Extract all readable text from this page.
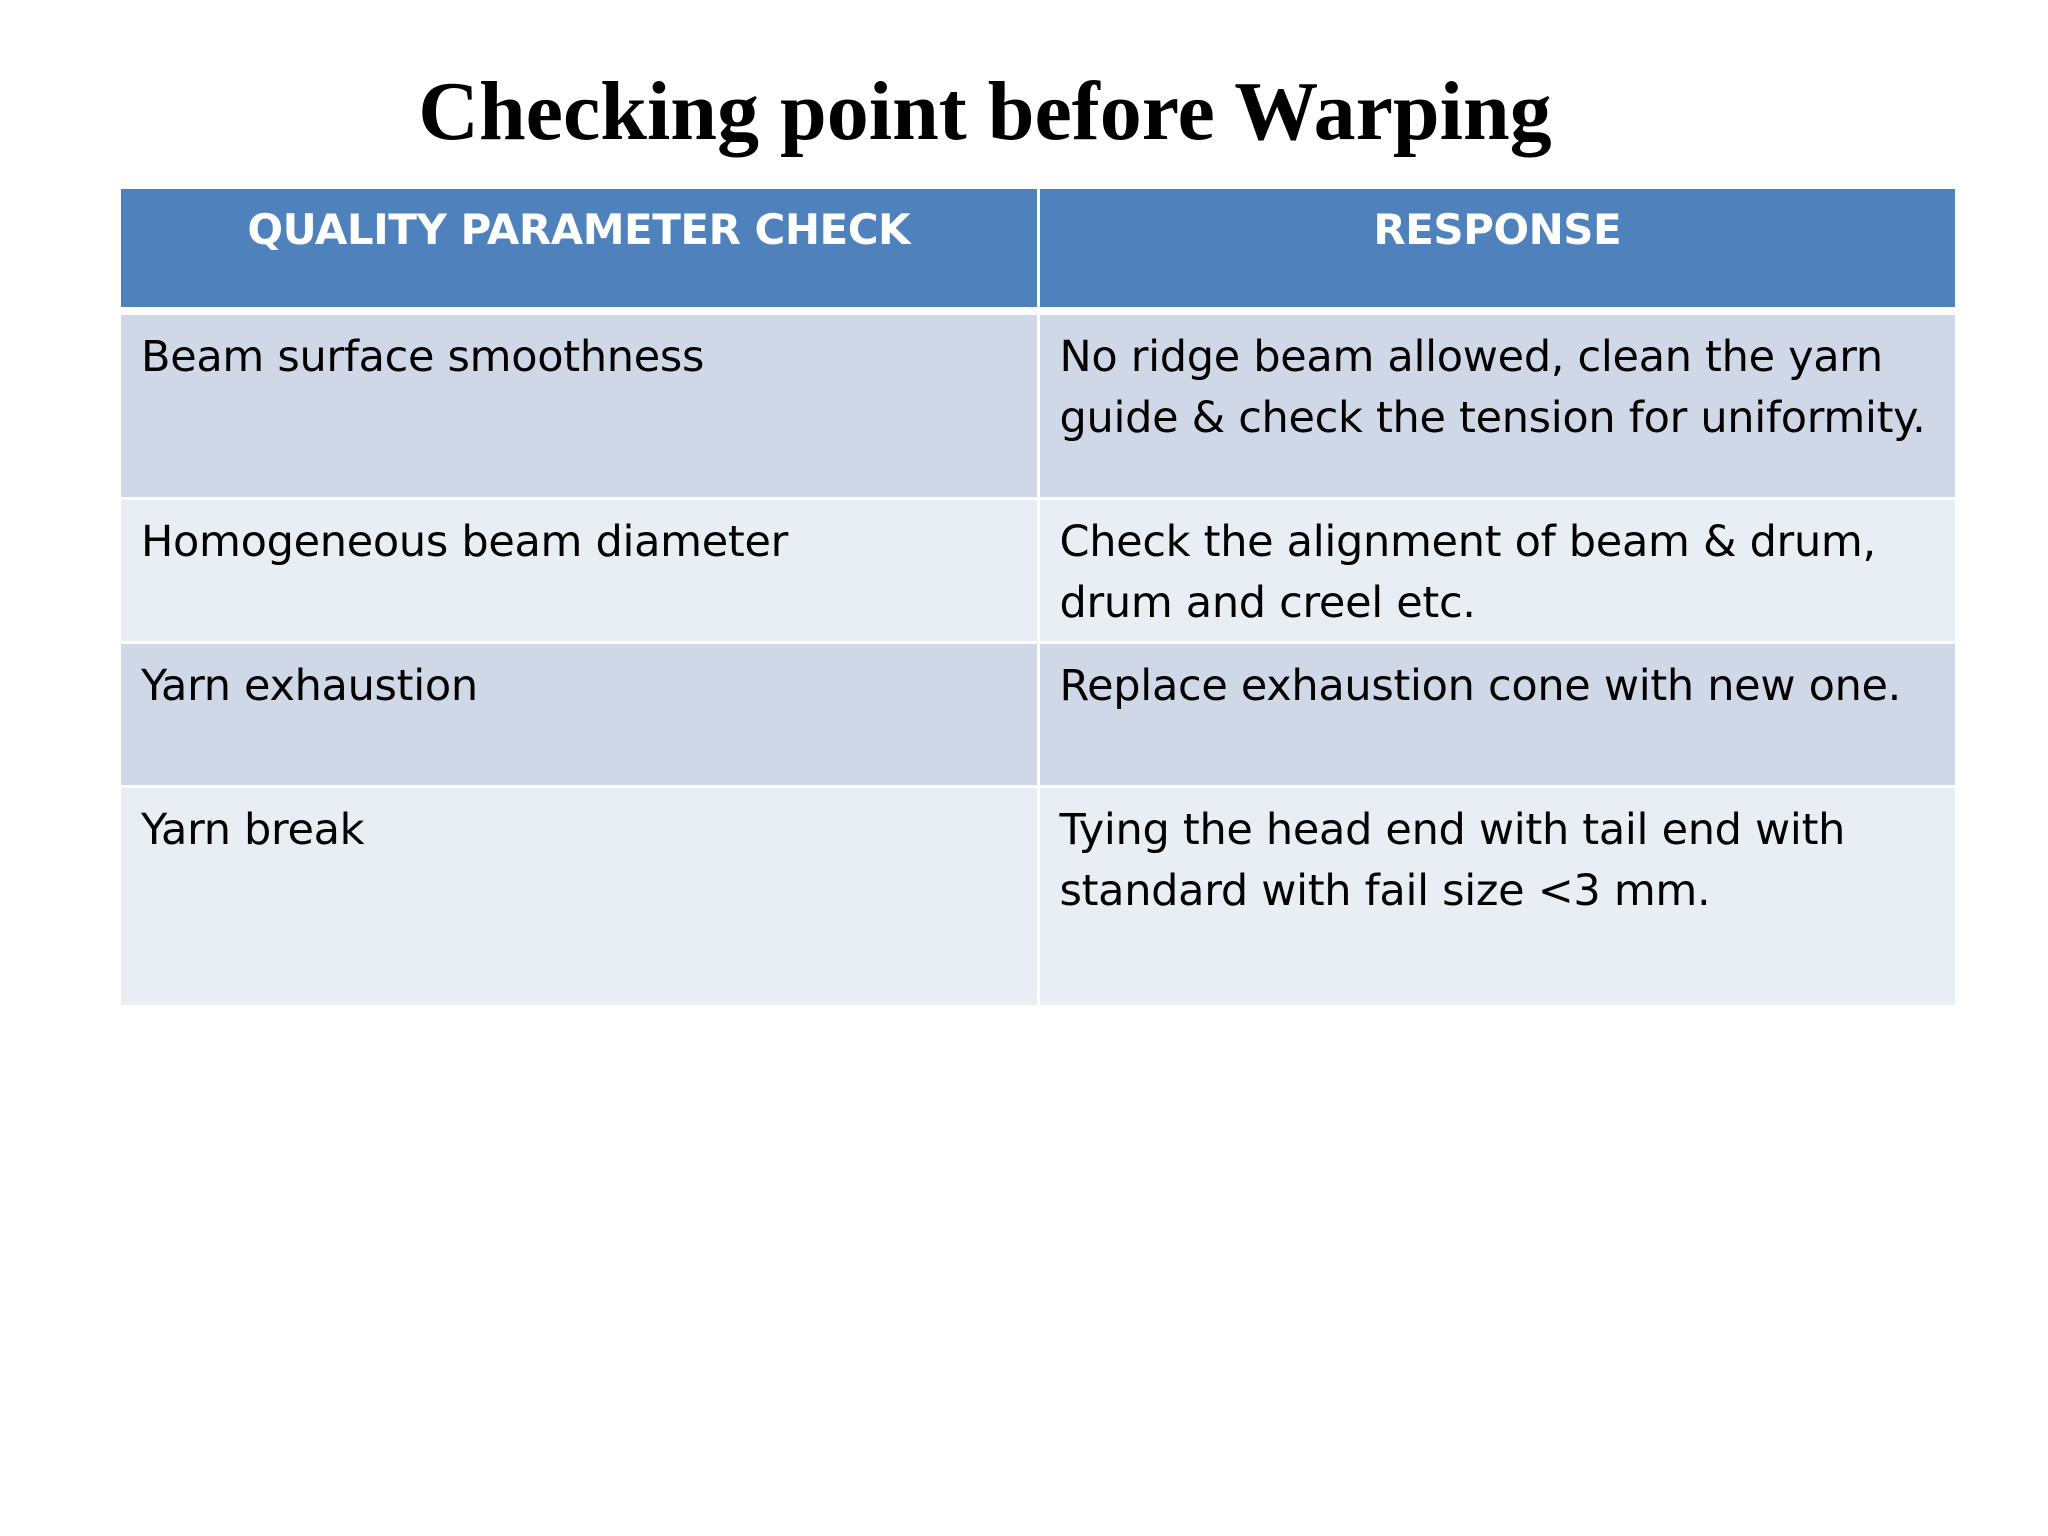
Checking point before Warping
QUALITY PARAMETER CHECK	RESPONSE
Beam surface smoothness	No ridge beam allowed, clean the yarn guide & check the tension for uniformity.
Homogeneous beam diameter	Check the alignment of beam & drum, drum and creel etc.
Yarn exhaustion	Replace exhaustion cone with new one.
Yarn break	Tying the head end with tail end with standard with fail size <3 mm.
